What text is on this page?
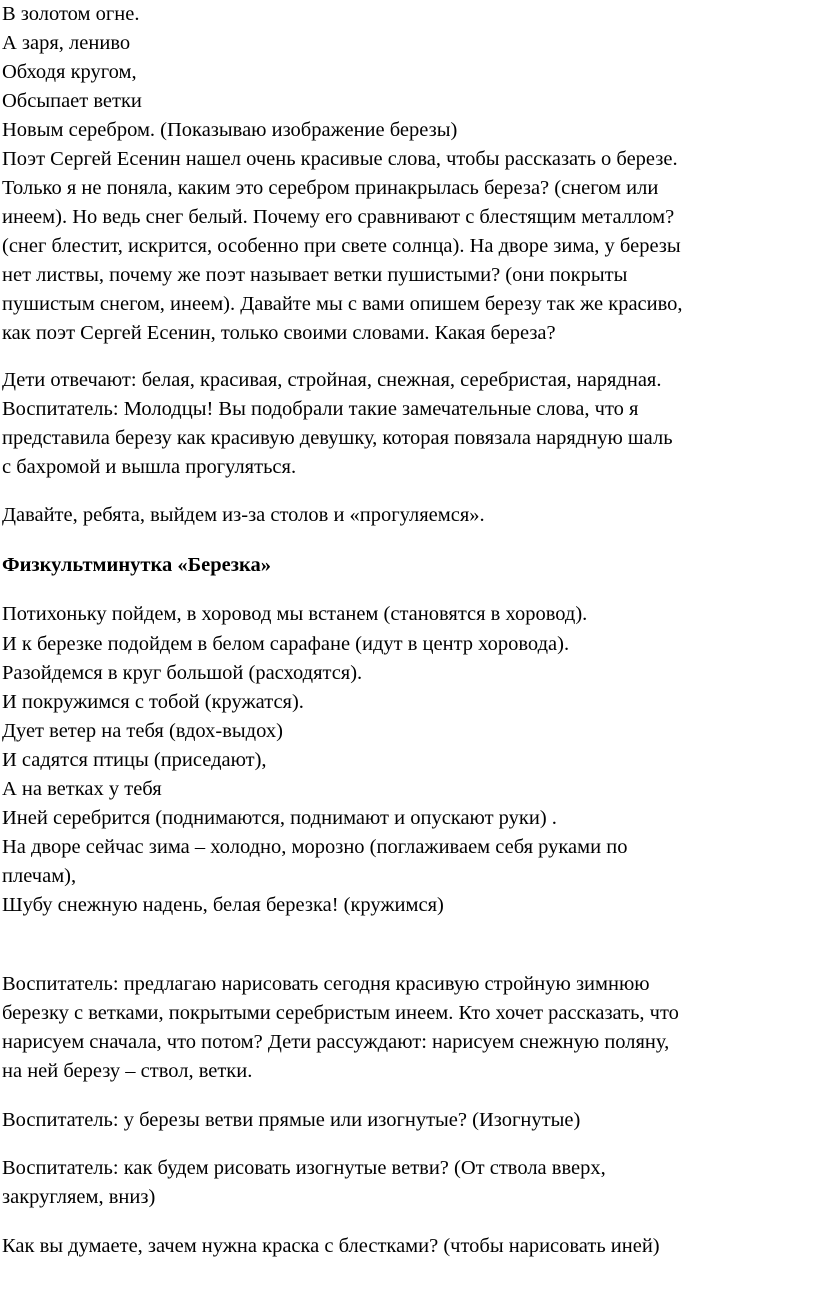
В золотом огне.
А заря, лениво
Обходя кругом,
Обсыпает ветки
Новым серебром. (Показываю изображение березы)
Поэт Сергей Есенин нашел очень красивые слова, чтобы рассказать о березе.
Только я не поняла, каким это серебром принакрылась береза? (снегом или
инеем). Но ведь снег белый. Почему его сравнивают с блестящим металлом?
(снег блестит, искрится, особенно при свете солнца). На дворе зима, у березы
нет листвы, почему же поэт называет ветки пушистыми? (они покрыты
пушистым снегом, инеем). Давайте мы с вами опишем березу так же красиво,
как поэт Сергей Есенин, только своими словами. Какая береза?
Дети отвечают: белая, красивая, стройная, снежная, серебристая, нарядная.
Воспитатель: Молодцы! Вы подобрали такие замечательные слова, что я
представила березу как красивую девушку, которая повязала нарядную шаль
с бахромой и вышла прогуляться.
Давайте, ребята, выйдем из-за столов и «прогуляемся».
Физкультминутка «Березка»
Потихоньку пойдем, в хоровод мы встанем (становятся в хоровод).
И к березке подойдем в белом сарафане (идут в центр хоровода).
Разойдемся в круг большой (расходятся).
И покружимся с тобой (кружатся).
Дует ветер на тебя (вдох-выдох)
И садятся птицы (приседают),
А на ветках у тебя
Иней серебрится (поднимаются, поднимают и опускают руки) .
На дворе сейчас зима – холодно, морозно (поглаживаем себя руками по
плечам),
Шубу снежную надень, белая березка! (кружимся)
Воспитатель: предлагаю нарисовать сегодня красивую стройную зимнюю
березку с ветками, покрытыми серебристым инеем. Кто хочет рассказать, что
нарисуем сначала, что потом? Дети рассуждают: нарисуем снежную поляну,
на ней березу – ствол, ветки.
Воспитатель: у березы ветви прямые или изогнутые? (Изогнутые)
Воспитатель: как будем рисовать изогнутые ветви? (От ствола вверх,
закругляем, вниз)
Как вы думаете, зачем нужна краска с блестками? (чтобы нарисовать иней)
